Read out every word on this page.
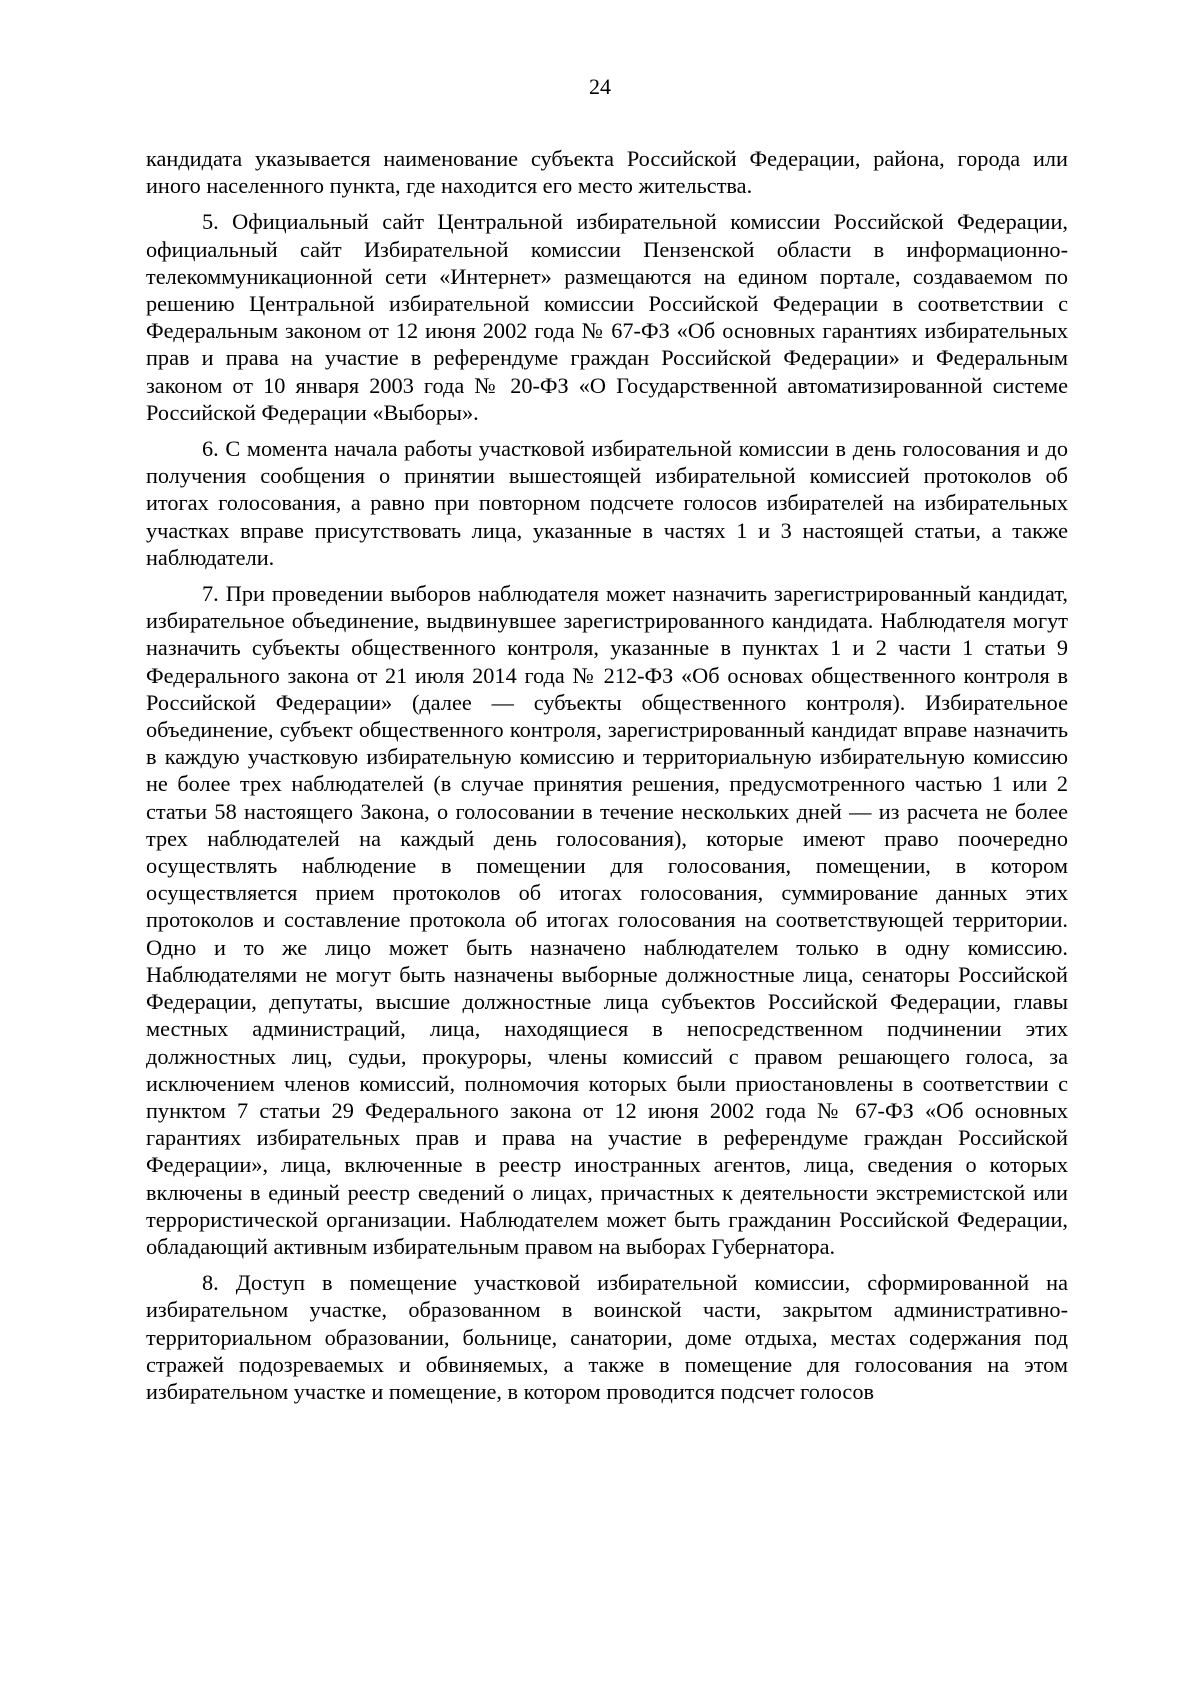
24

кандидата указывается наименование субъекта Российской Федерации, района, города или иного населенного пункта, где находится его место жительства.

5. Официальный сайт Центральной избирательной комиссии Российской Федерации, официальный сайт Избирательной комиссии Пензенской области в информационно-телекоммуникационной сети «Интернет» размещаются на едином портале, создаваемом по решению Центральной избирательной комиссии Российской Федерации в соответствии с Федеральным законом от 12 июня 2002 года № 67-ФЗ «Об основных гарантиях избирательных прав и права на участие в референдуме граждан Российской Федерации» и Федеральным законом от 10 января 2003 года № 20-ФЗ «О Государственной автоматизированной системе Российской Федерации «Выборы».

6. С момента начала работы участковой избирательной комиссии в день голосования и до получения сообщения о принятии вышестоящей избирательной комиссией протоколов об итогах голосования, а равно при повторном подсчете голосов избирателей на избирательных участках вправе присутствовать лица, указанные в частях 1 и 3 настоящей статьи, а также наблюдатели.

7. При проведении выборов наблюдателя может назначить зарегистрированный кандидат, избирательное объединение, выдвинувшее зарегистрированного кандидата. Наблюдателя могут назначить субъекты общественного контроля, указанные в пунктах 1 и 2 части 1 статьи 9 Федерального закона от 21 июля 2014 года № 212-ФЗ «Об основах общественного контроля в Российской Федерации» (далее — субъекты общественного контроля). Избирательное объединение, субъект общественного контроля, зарегистрированный кандидат вправе назначить в каждую участковую избирательную комиссию и территориальную избирательную комиссию не более трех наблюдателей (в случае принятия решения, предусмотренного частью 1 или 2 статьи 58 настоящего Закона, о голосовании в течение нескольких дней — из расчета не более трех наблюдателей на каждый день голосования), которые имеют право поочередно осуществлять наблюдение в помещении для голосования, помещении, в котором осуществляется прием протоколов об итогах голосования, суммирование данных этих протоколов и составление протокола об итогах голосования на соответствующей территории. Одно и то же лицо может быть назначено наблюдателем только в одну комиссию. Наблюдателями не могут быть назначены выборные должностные лица, сенаторы Российской Федерации, депутаты, высшие должностные лица субъектов Российской Федерации, главы местных администраций, лица, находящиеся в непосредственном подчинении этих должностных лиц, судьи, прокуроры, члены комиссий с правом решающего голоса, за исключением членов комиссий, полномочия которых были приостановлены в соответствии с пунктом 7 статьи 29 Федерального закона от 12 июня 2002 года № 67-ФЗ «Об основных гарантиях избирательных прав и права на участие в референдуме граждан Российской Федерации», лица, включенные в реестр иностранных агентов, лица, сведения о которых включены в единый реестр сведений о лицах, причастных к деятельности экстремистской или террористической организации. Наблюдателем может быть гражданин Российской Федерации, обладающий активным избирательным правом на выборах Губернатора.

8. Доступ в помещение участковой избирательной комиссии, сформированной на избирательном участке, образованном в воинской части, закрытом административно-территориальном образовании, больнице, санатории, доме отдыха, местах содержания под стражей подозреваемых и обвиняемых, а также в помещение для голосования на этом избирательном участке и помещение, в котором проводится подсчет голосов
